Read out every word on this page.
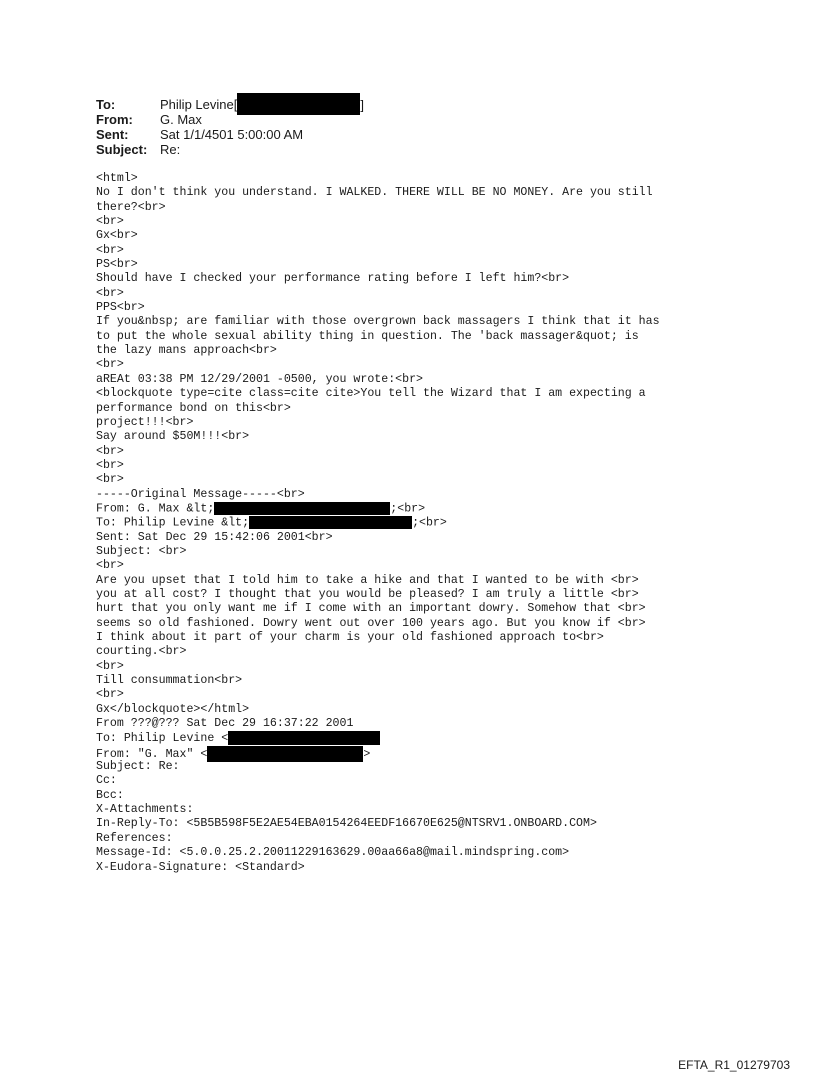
To:	Philip Levine[	]
From: G. Max
Sent: Sat 1/1/4501 5:00:00 AM
Subject: Re:
<html>
No I don't think you understand. I WALKED. THERE WILL BE NO MONEY. Are you still
there?<br>
<br>
Gx<br>
<br>
PS<br>
Should have I checked your performance rating before I left him?<br>
<br>
PPS<br>
If you&nbsp; are familiar with those overgrown back massagers I think that it has
to put the whole sexual ability thing in question. The 'back massager&quot; is
the lazy mans approach<br>
<br>
aREAt 03:38 PM 12/29/2001 -0500, you wrote:<br>
<blockquote type=cite class=cite cite>You tell the Wizard that I am expecting a
performance bond on this<br>
project!!!<br>
Say around $50M!!!<br>
<br>
<br>
<br>
-----Original Message-----<br>
From: G. Max &lt;	;<br>
To: Philip Levine &lt;	;<br>
Sent: Sat Dec 29 15:42:06 2001<br>
Subject: <br>
<br>
Are you upset that I told him to take a hike and that I wanted to be with <br>
you at all cost? I thought that you would be pleased? I am truly a little <br>
hurt that you only want me if I come with an important dowry. Somehow that <br>
seems so old fashioned. Dowry went out over 100 years ago. But you know if <br>
I think about it part of your charm is your old fashioned approach to<br>
courting.<br>
<br>
Till consummation<br>
<br>
Gx</blockquote></html>
From ???@??? Sat Dec 29 16:37:22 2001
To: Philip Levine <
From: "G. Max" <	>
Subject: Re:
Cc:
Bcc:
X-Attachments:
In-Reply-To: <5B5B598F5E2AE54EBA0154264EEDF16670E625@NTSRV1.ONBOARD.COM>
References:
Message-Id: <5.0.0.25.2.20011229163629.00aa66a8@mail.mindspring.com>
X-Eudora-Signature: <Standard>
EFTA_R1_01279703
